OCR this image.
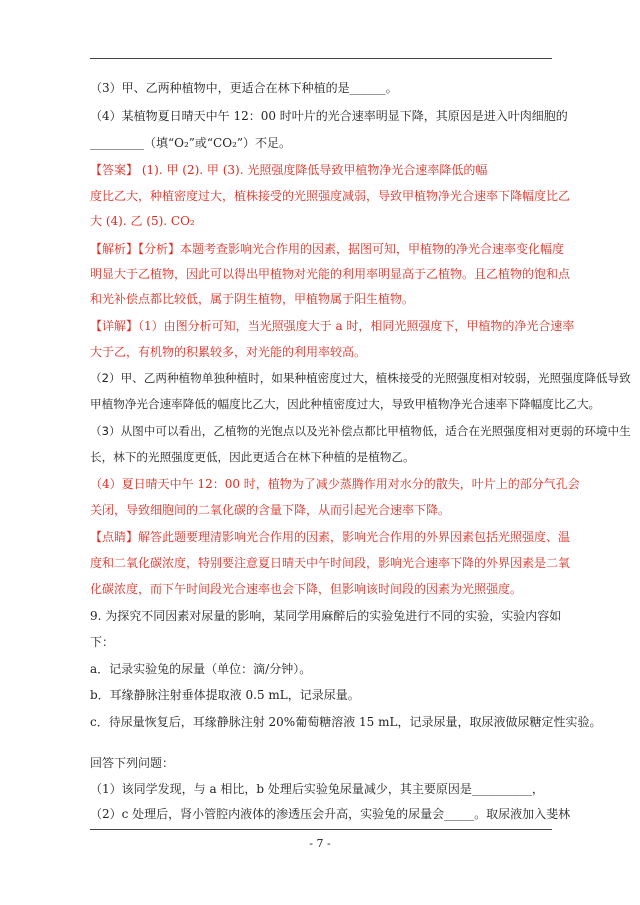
（3）甲、乙两种植物中，更适合在林下种植的是______。
（4）某植物夏日晴天中午 12：00 时叶片的光合速率明显下降，其原因是进入叶肉细胞的
_________（填“O₂”或“CO₂”）不足。
【答案】 (1). 甲 (2). 甲 (3). 光照强度降低导致甲植物净光合速率降低的幅
度比乙大，种植密度过大，植株接受的光照强度减弱，导致甲植物净光合速率下降幅度比乙
大 (4). 乙 (5). CO₂
【解析】【分析】本题考查影响光合作用的因素，据图可知，甲植物的净光合速率变化幅度
明显大于乙植物，因此可以得出甲植物对光能的利用率明显高于乙植物。且乙植物的饱和点
和光补偿点都比较低，属于阴生植物，甲植物属于阳生植物。
【详解】（1）由图分析可知，当光照强度大于 a 时，相同光照强度下，甲植物的净光合速率
大于乙，有机物的积累较多，对光能的利用率较高。
（2）甲、乙两种植物单独种植时，如果种植密度过大，植株接受的光照强度相对较弱，光照强度降低导致
甲植物净光合速率降低的幅度比乙大，因此种植密度过大，导致甲植物净光合速率下降幅度比乙大。
（3）从图中可以看出，乙植物的光饱点以及光补偿点都比甲植物低，适合在光照强度相对更弱的环境中生
长，林下的光照强度更低，因此更适合在林下种植的是植物乙。
（4）夏日晴天中午 12：00 时，植物为了减少蒸腾作用对水分的散失，叶片上的部分气孔会
关闭，导致细胞间的二氧化碳的含量下降，从而引起光合速率下降。
【点睛】解答此题要理清影响光合作用的因素，影响光合作用的外界因素包括光照强度、温
度和二氧化碳浓度，特别要注意夏日晴天中午时间段，影响光合速率下降的外界因素是二氧
化碳浓度，而下午时间段光合速率也会下降，但影响该时间段的因素为光照强度。
9. 为探究不同因素对尿量的影响，某同学用麻醉后的实验兔进行不同的实验，实验内容如
下：
a．记录实验兔的尿量（单位：滴/分钟）。
b．耳缘静脉注射垂体提取液 0.5 mL，记录尿量。
c．待尿量恢复后，耳缘静脉注射 20%葡萄糖溶液 15 mL，记录尿量，取尿液做尿糖定性实验。
回答下列问题：
（1）该同学发现，与 a 相比，b 处理后实验兔尿量减少，其主要原因是__________，
（2）c 处理后，肾小管腔内液体的渗透压会升高，实验兔的尿量会_____。取尿液加入斐林
- 7 -
